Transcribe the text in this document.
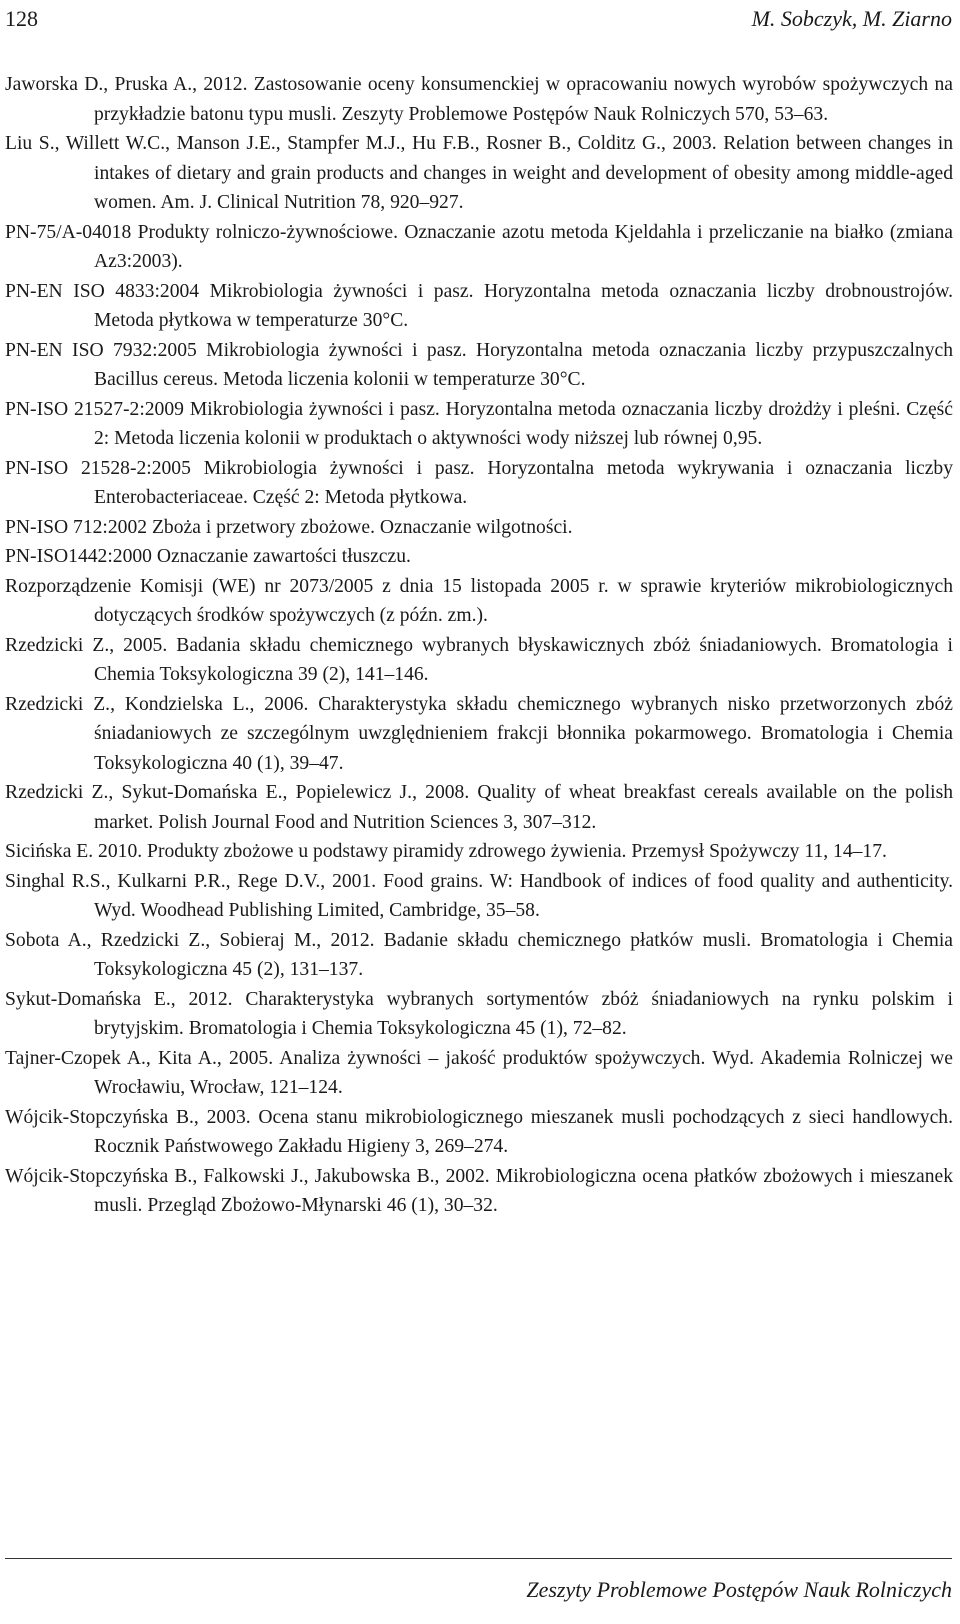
128	M. Sobczyk, M. Ziarno
Jaworska D., Pruska A., 2012. Zastosowanie oceny konsumenckiej w opracowaniu nowych wyrobów spożywczych na przykładzie batonu typu musli. Zeszyty Problemowe Postępów Nauk Rolniczych 570, 53–63.
Liu S., Willett W.C., Manson J.E., Stampfer M.J., Hu F.B., Rosner B., Colditz G., 2003. Relation between changes in intakes of dietary and grain products and changes in weight and development of obesity among middle-aged women. Am. J. Clinical Nutrition 78, 920–927.
PN-75/A-04018 Produkty rolniczo-żywnościowe. Oznaczanie azotu metoda Kjeldahla i przeliczanie na białko (zmiana Az3:2003).
PN-EN ISO 4833:2004 Mikrobiologia żywności i pasz. Horyzontalna metoda oznaczania liczby drobnoustrojów. Metoda płytkowa w temperaturze 30°C.
PN-EN ISO 7932:2005 Mikrobiologia żywności i pasz. Horyzontalna metoda oznaczania liczby przypuszczalnych Bacillus cereus. Metoda liczenia kolonii w temperaturze 30°C.
PN-ISO 21527-2:2009 Mikrobiologia żywności i pasz. Horyzontalna metoda oznaczania liczby drożdży i pleśni. Część 2: Metoda liczenia kolonii w produktach o aktywności wody niższej lub równej 0,95.
PN-ISO 21528-2:2005 Mikrobiologia żywności i pasz. Horyzontalna metoda wykrywania i oznaczania liczby Enterobacteriaceae. Część 2: Metoda płytkowa.
PN-ISO 712:2002 Zboża i przetwory zbożowe. Oznaczanie wilgotności.
PN-ISO1442:2000 Oznaczanie zawartości tłuszczu.
Rozporządzenie Komisji (WE) nr 2073/2005 z dnia 15 listopada 2005 r. w sprawie kryteriów mikrobiologicznych dotyczących środków spożywczych (z późn. zm.).
Rzedzicki Z., 2005. Badania składu chemicznego wybranych błyskawicznych zbóż śniadaniowych. Bromatologia i Chemia Toksykologiczna 39 (2), 141–146.
Rzedzicki Z., Kondzielska L., 2006. Charakterystyka składu chemicznego wybranych nisko przetworzonych zbóż śniadaniowych ze szczególnym uwzględnieniem frakcji błonnika pokarmowego. Bromatologia i Chemia Toksykologiczna 40 (1), 39–47.
Rzedzicki Z., Sykut-Domańska E., Popielewicz J., 2008. Quality of wheat breakfast cereals available on the polish market. Polish Journal Food and Nutrition Sciences 3, 307–312.
Sicińska E. 2010. Produkty zbożowe u podstawy piramidy zdrowego żywienia. Przemysł Spożywczy 11, 14–17.
Singhal R.S., Kulkarni P.R., Rege D.V., 2001. Food grains. W: Handbook of indices of food quality and authenticity. Wyd. Woodhead Publishing Limited, Cambridge, 35–58.
Sobota A., Rzedzicki Z., Sobieraj M., 2012. Badanie składu chemicznego płatków musli. Bromatologia i Chemia Toksykologiczna 45 (2), 131–137.
Sykut-Domańska E., 2012. Charakterystyka wybranych sortymentów zbóż śniadaniowych na rynku polskim i brytyjskim. Bromatologia i Chemia Toksykologiczna 45 (1), 72–82.
Tajner-Czopek A., Kita A., 2005. Analiza żywności – jakość produktów spożywczych. Wyd. Akademia Rolniczej we Wrocławiu, Wrocław, 121–124.
Wójcik-Stopczyńska B., 2003. Ocena stanu mikrobiologicznego mieszanek musli pochodzących z sieci handlowych. Rocznik Państwowego Zakładu Higieny 3, 269–274.
Wójcik-Stopczyńska B., Falkowski J., Jakubowska B., 2002. Mikrobiologiczna ocena płatków zbożowych i mieszanek musli. Przegląd Zbożowo-Młynarski 46 (1), 30–32.
Zeszyty Problemowe Postępów Nauk Rolniczych
